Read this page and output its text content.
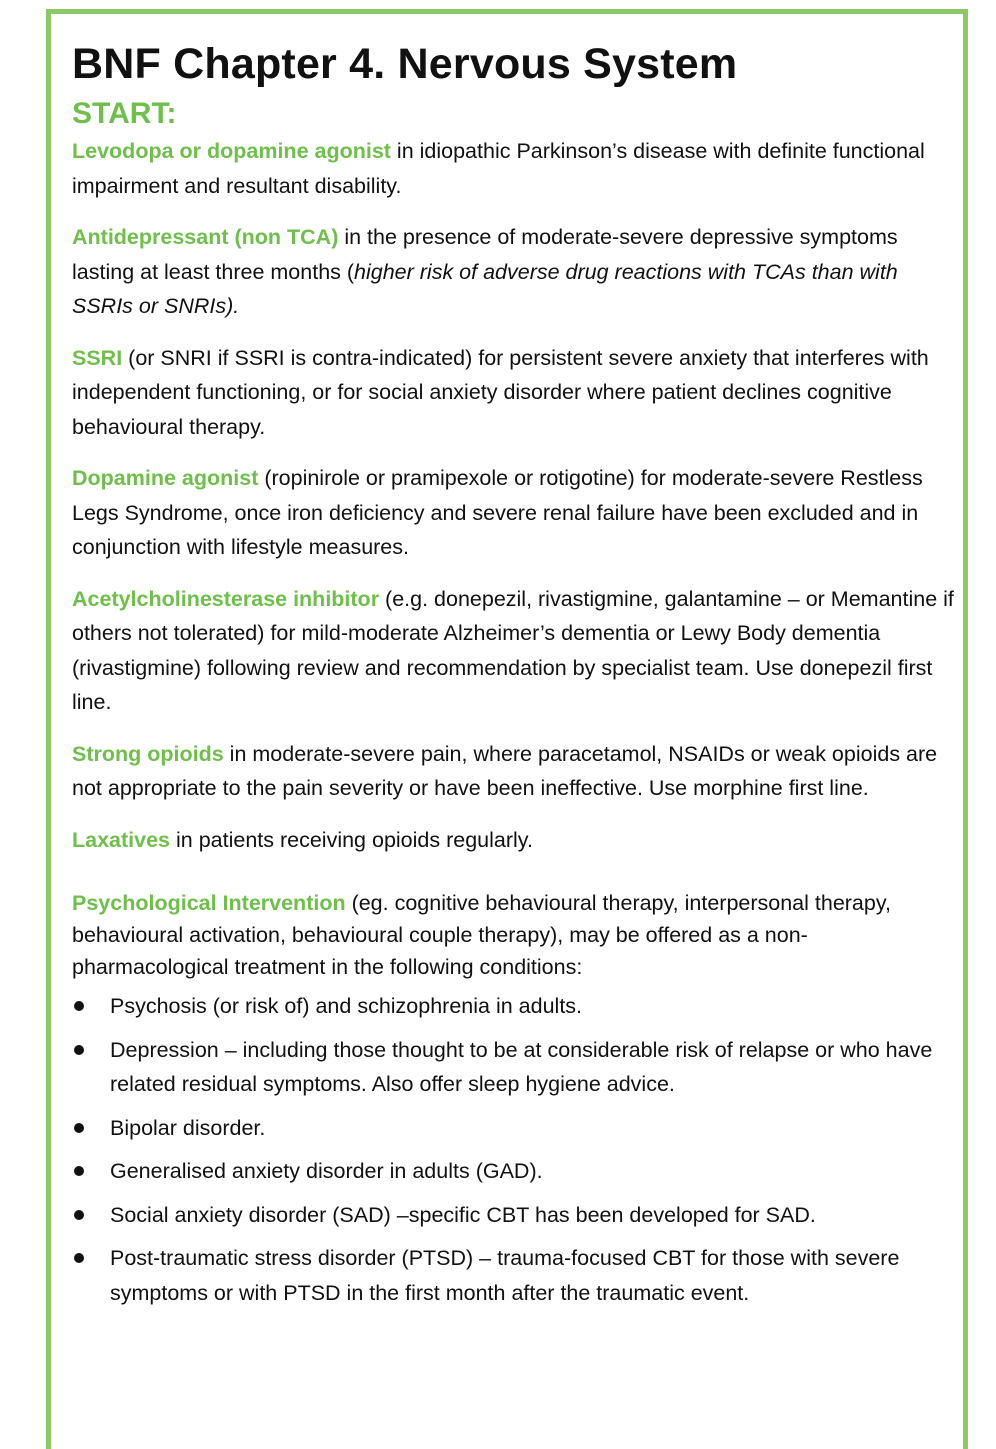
BNF Chapter 4. Nervous System
START:

Levodopa or dopamine agonist in idiopathic Parkinson’s disease with definite functional impairment and resultant disability.

Antidepressant (non TCA) in the presence of moderate-severe depressive symptoms lasting at least three months (higher risk of adverse drug reactions with TCAs than with SSRIs or SNRIs).

SSRI (or SNRI if SSRI is contra-indicated) for persistent severe anxiety that interferes with independent functioning, or for social anxiety disorder where patient declines cognitive behavioural therapy.

Dopamine agonist (ropinirole or pramipexole or rotigotine) for moderate-severe Restless Legs Syndrome, once iron deficiency and severe renal failure have been excluded and in conjunction with lifestyle measures.

Acetylcholinesterase inhibitor (e.g. donepezil, rivastigmine, galantamine – or Memantine if others not tolerated) for mild-moderate Alzheimer’s dementia or Lewy Body dementia (rivastigmine) following review and recommendation by specialist team. Use donepezil first line.

Strong opioids in moderate-severe pain, where paracetamol, NSAIDs or weak opioids are not appropriate to the pain severity or have been ineffective. Use morphine first line.

Laxatives in patients receiving opioids regularly.

Psychological Intervention (eg. cognitive behavioural therapy, interpersonal therapy, behavioural activation, behavioural couple therapy), may be offered as a non-pharmacological treatment in the following conditions:

Psychosis (or risk of) and schizophrenia in adults.
Depression – including those thought to be at considerable risk of relapse or who have related residual symptoms. Also offer sleep hygiene advice.
Bipolar disorder.
Generalised anxiety disorder in adults (GAD).
Social anxiety disorder (SAD) –specific CBT has been developed for SAD.
Post-traumatic stress disorder (PTSD) – trauma-focused CBT for those with severe symptoms or with PTSD in the first month after the traumatic event.
